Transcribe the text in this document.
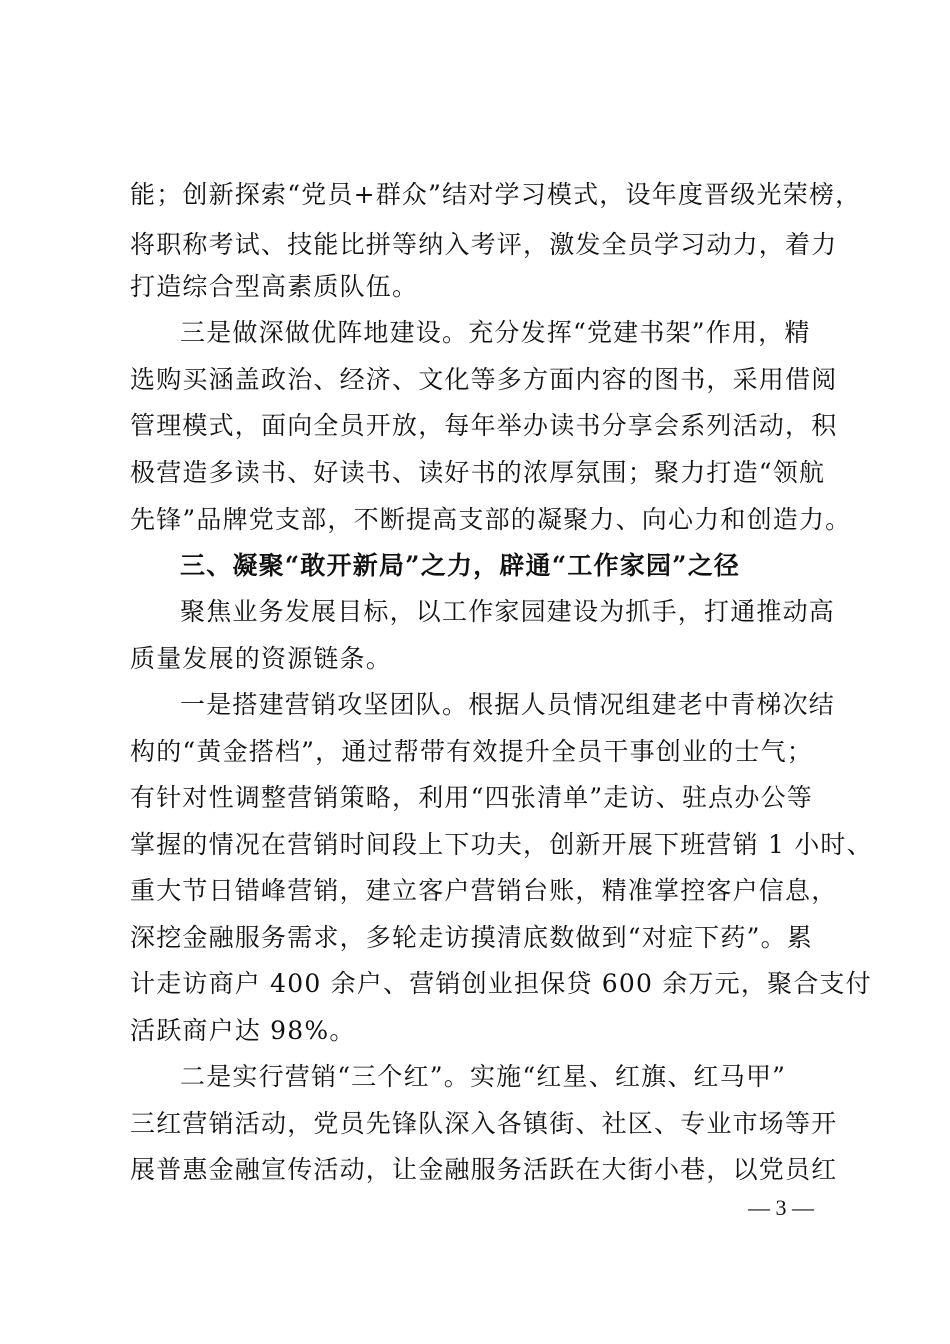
能；创新探索“党员+群众”结对学习模式，设年度晋级光荣榜，
将职称考试、技能比拼等纳入考评，激发全员学习动力，着力
打造综合型高素质队伍。
三是做深做优阵地建设。充分发挥“党建书架”作用，精
选购买涵盖政治、经济、文化等多方面内容的图书，采用借阅
管理模式，面向全员开放，每年举办读书分享会系列活动，积
极营造多读书、好读书、读好书的浓厚氛围；聚力打造“领航
先锋”品牌党支部，不断提高支部的凝聚力、向心力和创造力。
三、凝聚“敢开新局”之力，辟通“工作家园”之径
聚焦业务发展目标，以工作家园建设为抓手，打通推动高
质量发展的资源链条。
一是搭建营销攻坚团队。根据人员情况组建老中青梯次结
构的“黄金搭档”，通过帮带有效提升全员干事创业的士气；
有针对性调整营销策略，利用“四张清单”走访、驻点办公等
掌握的情况在营销时间段上下功夫，创新开展下班营销 1 小时、
重大节日错峰营销，建立客户营销台账，精准掌控客户信息，
深挖金融服务需求，多轮走访摸清底数做到“对症下药”。累
计走访商户 400 余户、营销创业担保贷 600 余万元，聚合支付
活跃商户达 98%。
二是实行营销“三个红”。实施“红星、红旗、红马甲”
三红营销活动，党员先锋队深入各镇街、社区、专业市场等开
展普惠金融宣传活动，让金融服务活跃在大街小巷，以党员红
— 3 —
